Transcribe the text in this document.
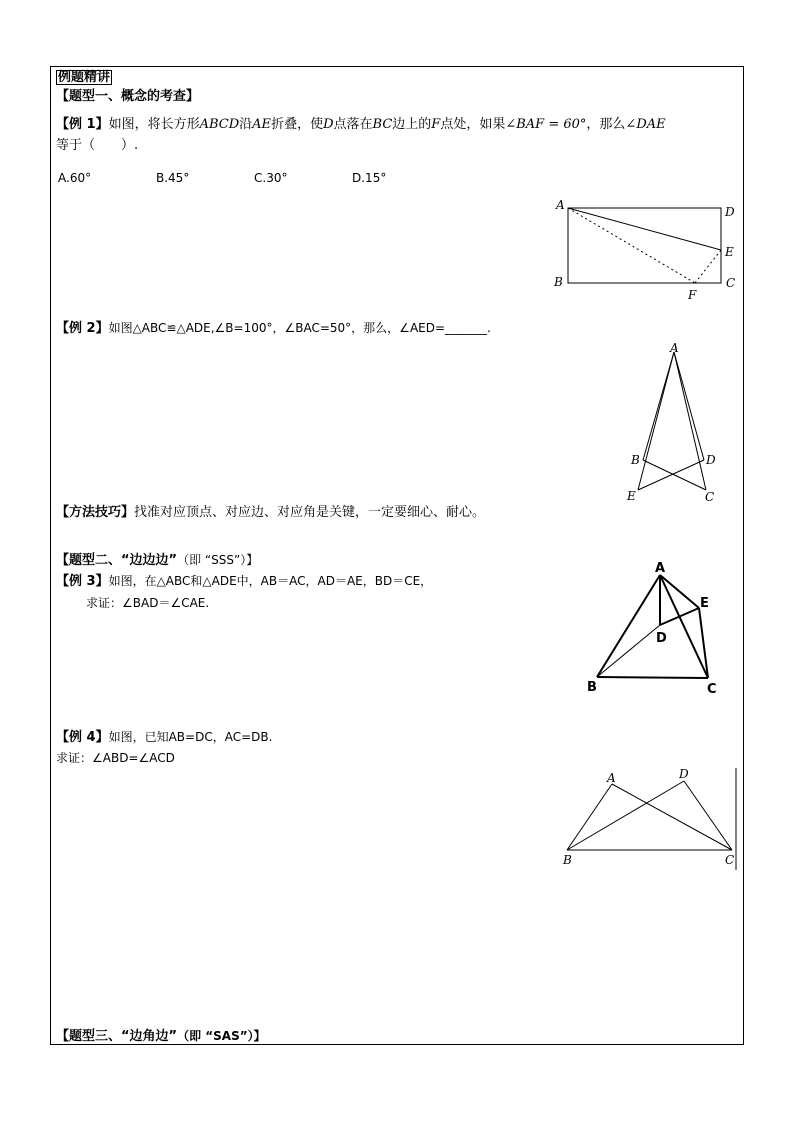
例题精讲
【题型一、概念的考查】
【例 1】如图，将长方形ABCD沿AE折叠，使D点落在BC边上的F点处，如果∠BAF = 60°，那么∠DAE
等于（　　）.
A.60°	B.45°	C.30°	D.15°
A	D
E
B	C
F
A
B	D
E	C
A
E
D
B	C
A	D
B	C
【例 2】如图△ABC≌△ADE,∠B=100°，∠BAC=50°，那么，∠AED=_______.
【方法技巧】找准对应顶点、对应边、对应角是关键，一定要细心、耐心。
【题型二、“边边边”（即 “SSS”）】
【例 3】如图，在△ABC和△ADE中，AB＝AC，AD＝AE，BD＝CE，
求证：∠BAD＝∠CAE.
【例 4】如图，已知AB=DC，AC=DB.
求证：∠ABD=∠ACD
【题型三、“边角边”（即 “SAS”）】
